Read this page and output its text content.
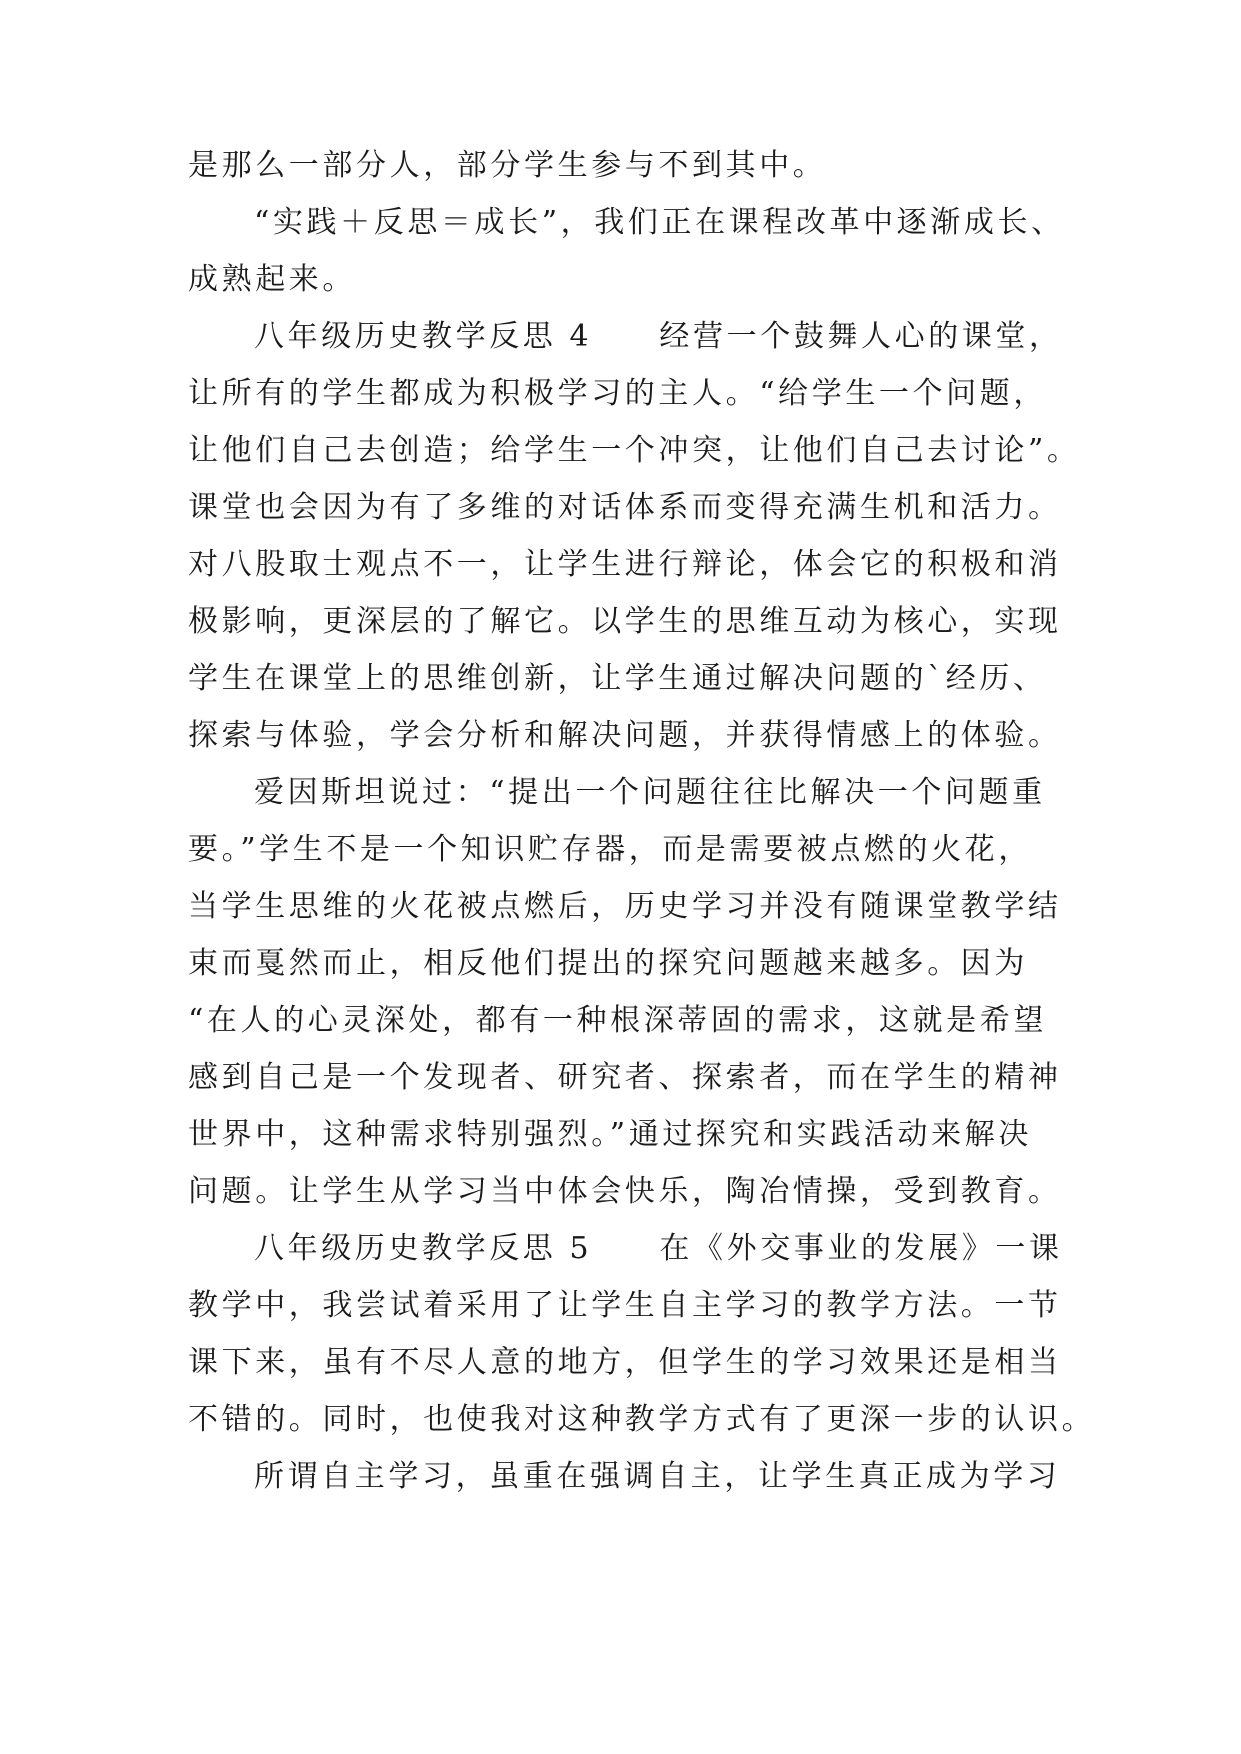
是那么一部分人，部分学生参与不到其中。
“实践＋反思＝成长”，我们正在课程改革中逐渐成长、
成熟起来。
八年级历史教学反思 4　　经营一个鼓舞人心的课堂，
让所有的学生都成为积极学习的主人。“给学生一个问题，
让他们自己去创造；给学生一个冲突，让他们自己去讨论”。
课堂也会因为有了多维的对话体系而变得充满生机和活力。
对八股取士观点不一，让学生进行辩论，体会它的积极和消
极影响，更深层的了解它。以学生的思维互动为核心，实现
学生在课堂上的思维创新，让学生通过解决问题的`经历、
探索与体验，学会分析和解决问题，并获得情感上的体验。
爱因斯坦说过：“提出一个问题往往比解决一个问题重
要。”学生不是一个知识贮存器，而是需要被点燃的火花，
当学生思维的火花被点燃后，历史学习并没有随课堂教学结
束而戛然而止，相反他们提出的探究问题越来越多。因为
“在人的心灵深处，都有一种根深蒂固的需求，这就是希望
感到自己是一个发现者、研究者、探索者，而在学生的精神
世界中，这种需求特别强烈。”通过探究和实践活动来解决
问题。让学生从学习当中体会快乐，陶冶情操，受到教育。
八年级历史教学反思 5　　在《外交事业的发展》一课
教学中，我尝试着采用了让学生自主学习的教学方法。一节
课下来，虽有不尽人意的地方，但学生的学习效果还是相当
不错的。同时，也使我对这种教学方式有了更深一步的认识。
所谓自主学习，虽重在强调自主，让学生真正成为学习
